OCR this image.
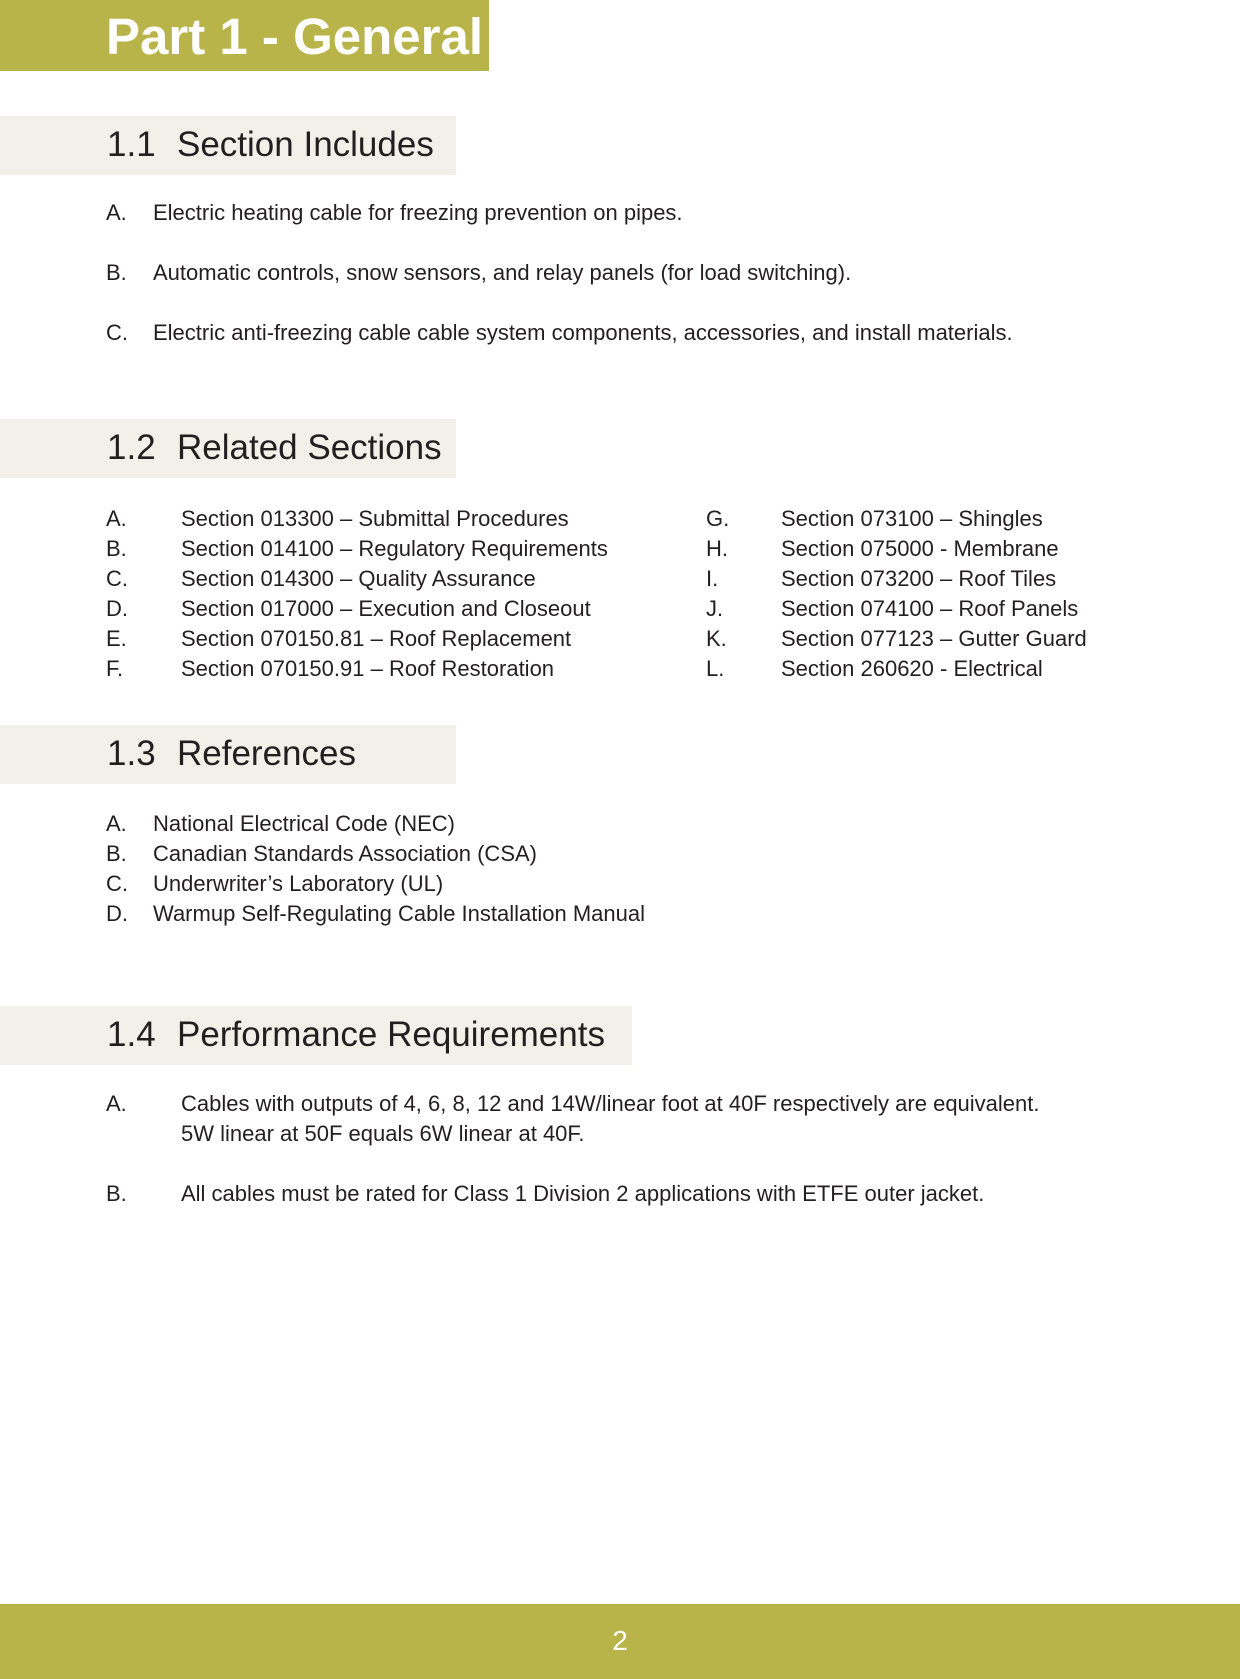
Part 1 - General
1.1 Section Includes
A. Electric heating cable for freezing prevention on pipes.
B. Automatic controls, snow sensors, and relay panels (for load switching).
C. Electric anti-freezing cable cable system components, accessories, and install materials.
1.2 Related Sections
A. Section 013300 – Submittal Procedures
B. Section 014100 – Regulatory Requirements
C. Section 014300 – Quality Assurance
D. Section 017000 – Execution and Closeout
E. Section 070150.81 – Roof Replacement
F.	Section 070150.91 – Roof Restoration
G. Section 073100 – Shingles
H. Section 075000 - Membrane
I.	Section 073200 – Roof Tiles
J.	Section 074100 – Roof Panels
K. Section 077123 – Gutter Guard
L.	Section 260620 - Electrical
1.3 References
A. National Electrical Code (NEC)
B. Canadian Standards Association (CSA)
C. Underwriter’s Laboratory (UL)
D. Warmup Self-Regulating Cable Installation Manual
1.4 Performance Requirements
A. Cables with outputs of 4, 6, 8, 12 and 14W/linear foot at 40F respectively are equivalent.
5W linear at 50F equals 6W linear at 40F.
B. All cables must be rated for Class 1 Division 2 applications with ETFE outer jacket.
2
